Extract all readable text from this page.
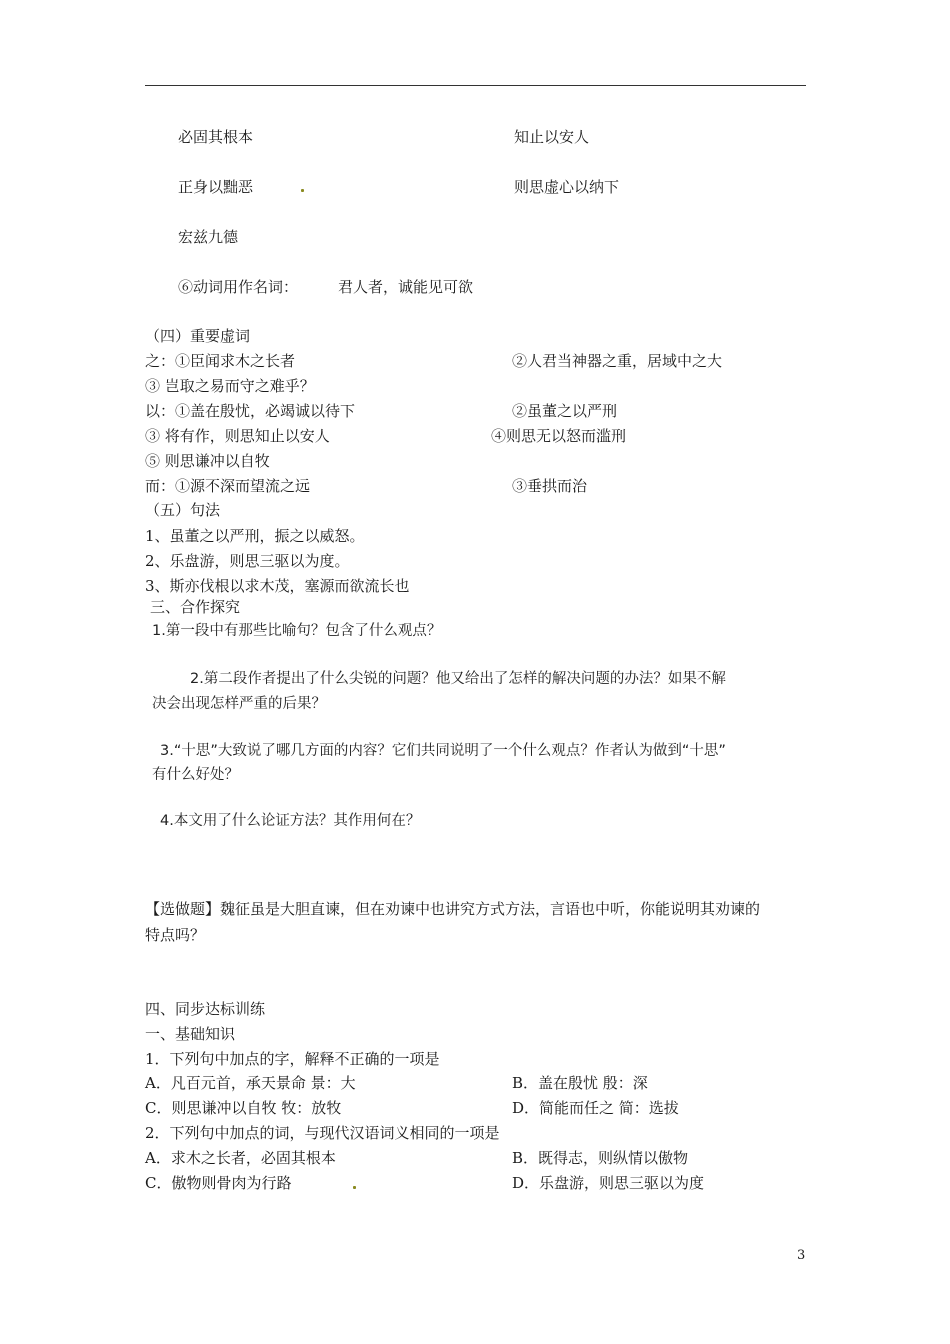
必固其根本	知止以安人
正身以黜恶	则思虚心以纳下
宏兹九德
⑥动词用作名词：	君人者，诚能见可欲
（四）重要虚词
之：①臣闻求木之长者	②人君当神器之重，居域中之大
③ 岂取之易而守之难乎？
以：①盖在殷忧，必竭诚以待下	②虽董之以严刑
③ 将有作，则思知止以安人	④则思无以怒而滥刑
⑤ 则思谦冲以自牧
而：①源不深而望流之远	③垂拱而治
（五）句法
1、虽董之以严刑，振之以威怒。
2、乐盘游，则思三驱以为度。
3、斯亦伐根以求木茂，塞源而欲流长也
三、合作探究
1.第一段中有那些比喻句？包含了什么观点？
2.第二段作者提出了什么尖锐的问题？他又给出了怎样的解决问题的办法？如果不解
决会出现怎样严重的后果？
3.“十思”大致说了哪几方面的内容？它们共同说明了一个什么观点？作者认为做到“十思”
有什么好处？
4.本文用了什么论证方法？其作用何在？
【选做题】魏征虽是大胆直谏，但在劝谏中也讲究方式方法，言语也中听，你能说明其劝谏的
特点吗？
四、同步达标训练
一、基础知识
1．下列句中加点的字，解释不正确的一项是
A．凡百元首，承天景命 景：大	B．盖在殷忧 殷：深
C．则思谦冲以自牧 牧：放牧	D．简能而任之 简：选拔
2．下列句中加点的词，与现代汉语词义相同的一项是
A．求木之长者，必固其根本	B．既得志，则纵情以傲物
C．傲物则骨肉为行路	D．乐盘游，则思三驱以为度
3
